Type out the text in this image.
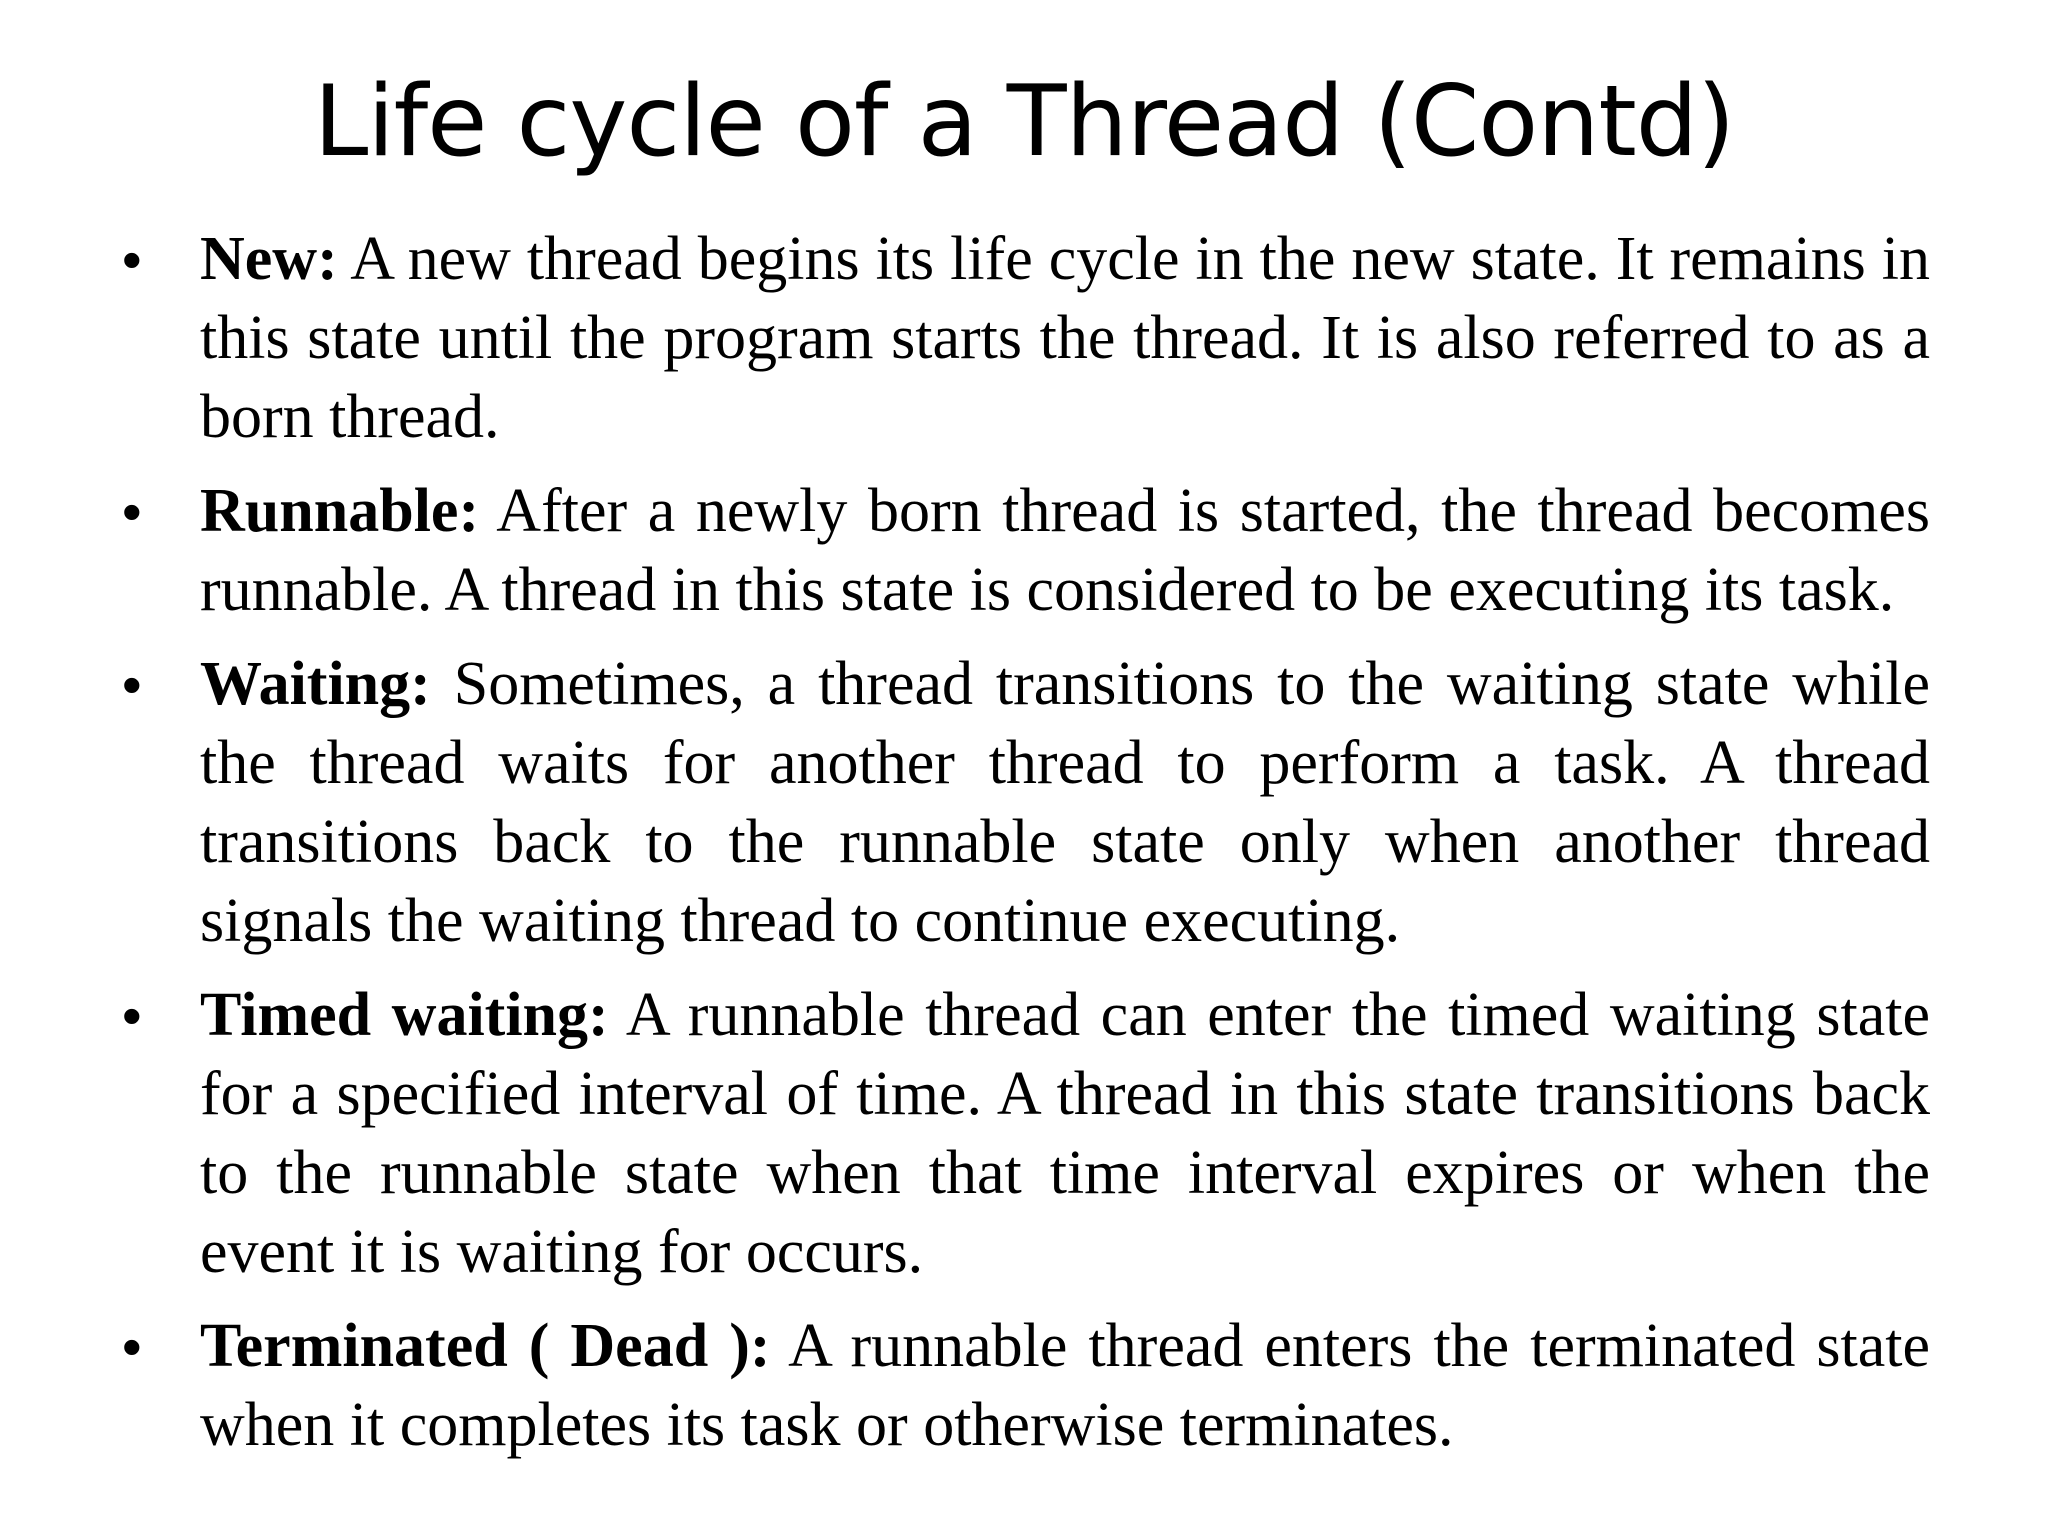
Life cycle of a Thread (Contd)
• New: A new thread begins its life cycle in the new state. It remains in this state until the program starts the thread. It is also referred to as a born thread.
• Runnable: After a newly born thread is started, the thread becomes runnable. A thread in this state is considered to be executing its task.
• Waiting: Sometimes, a thread transitions to the waiting state while the thread waits for another thread to perform a task. A thread transitions back to the runnable state only when another thread signals the waiting thread to continue executing.
• Timed waiting: A runnable thread can enter the timed waiting state for a specified interval of time. A thread in this state transitions back to the runnable state when that time interval expires or when the event it is waiting for occurs.
• Terminated ( Dead ): A runnable thread enters the terminated state when it completes its task or otherwise terminates.
